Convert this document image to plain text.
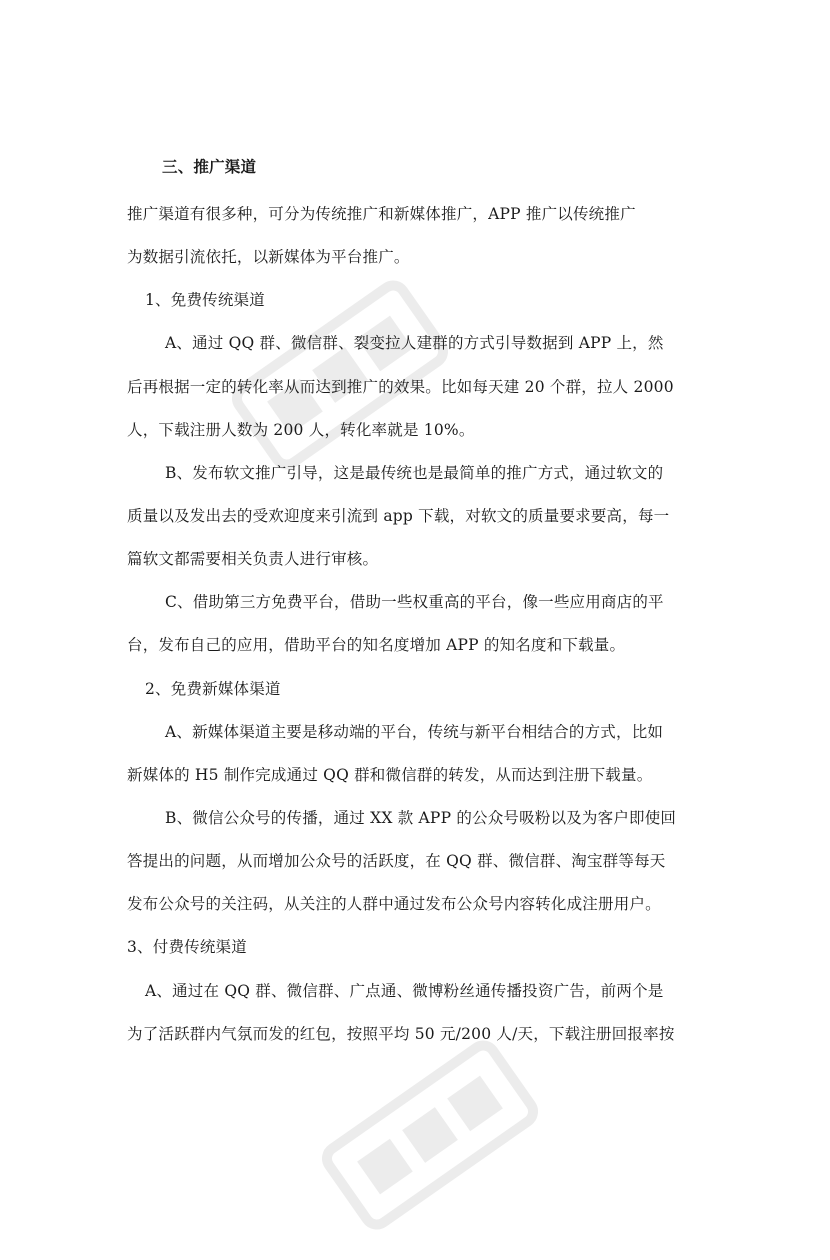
三、推广渠道
推广渠道有很多种，可分为传统推广和新媒体推广，APP 推广以传统推广
为数据引流依托，以新媒体为平台推广。
1、免费传统渠道
A、通过 QQ 群、微信群、裂变拉人建群的方式引导数据到 APP 上，然
后再根据一定的转化率从而达到推广的效果。比如每天建 20 个群，拉人 2000
人，下载注册人数为 200 人，转化率就是 10%。
B、发布软文推广引导，这是最传统也是最简单的推广方式，通过软文的
质量以及发出去的受欢迎度来引流到 app 下载，对软文的质量要求要高，每一
篇软文都需要相关负责人进行审核。
C、借助第三方免费平台，借助一些权重高的平台，像一些应用商店的平
台，发布自己的应用，借助平台的知名度增加 APP 的知名度和下载量。
2、免费新媒体渠道
A、新媒体渠道主要是移动端的平台，传统与新平台相结合的方式，比如
新媒体的 H5 制作完成通过 QQ 群和微信群的转发，从而达到注册下载量。
B、微信公众号的传播，通过 XX 款 APP 的公众号吸粉以及为客户即使回
答提出的问题，从而增加公众号的活跃度，在 QQ 群、微信群、淘宝群等每天
发布公众号的关注码，从关注的人群中通过发布公众号内容转化成注册用户。
3、付费传统渠道
A、通过在 QQ 群、微信群、广点通、微博粉丝通传播投资广告，前两个是
为了活跃群内气氛而发的红包，按照平均 50 元/200 人/天，下载注册回报率按
